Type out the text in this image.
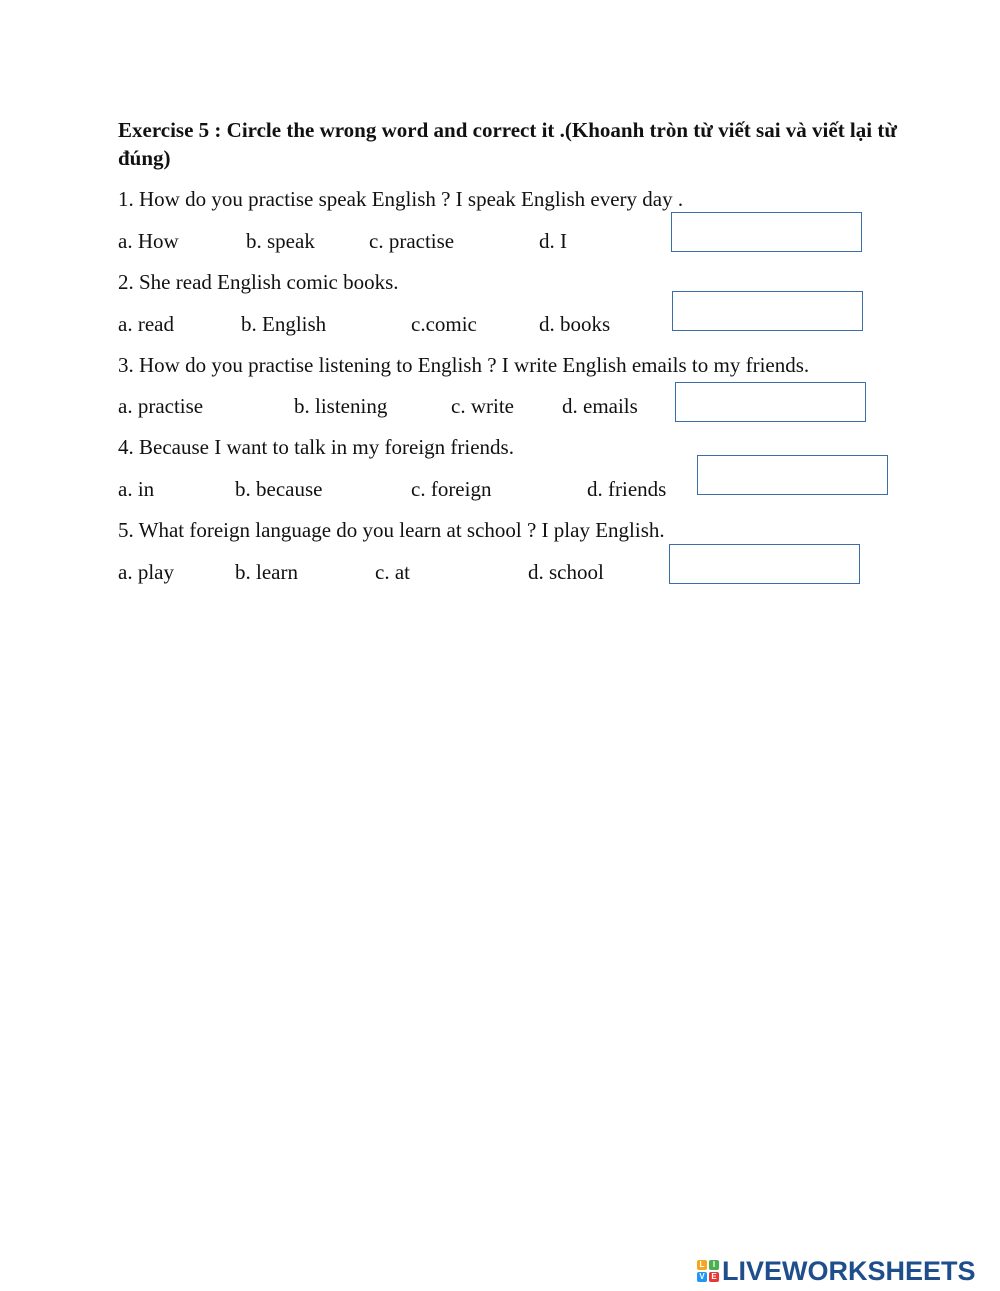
Exercise 5 : Circle the wrong word and correct it .(Khoanh tròn từ viết sai và viết lại từ đúng)
1. How do you practise speak English ? I speak English every day .
a. How	b. speak	c. practise	d. I
2. She read English comic books.
a. read	b. English	c.comic	d. books
3. How do you practise listening to English ? I write English emails to my friends.
a. practise	b. listening	c. write d. emails
4. Because I want to talk in my foreign friends.
a. in	b. because	c. foreign	d. friends
5. What foreign language do you learn at school ? I play English.
a. play	b. learn	c. at	d. school
L	I
V E LIVEWORKSHEETS
